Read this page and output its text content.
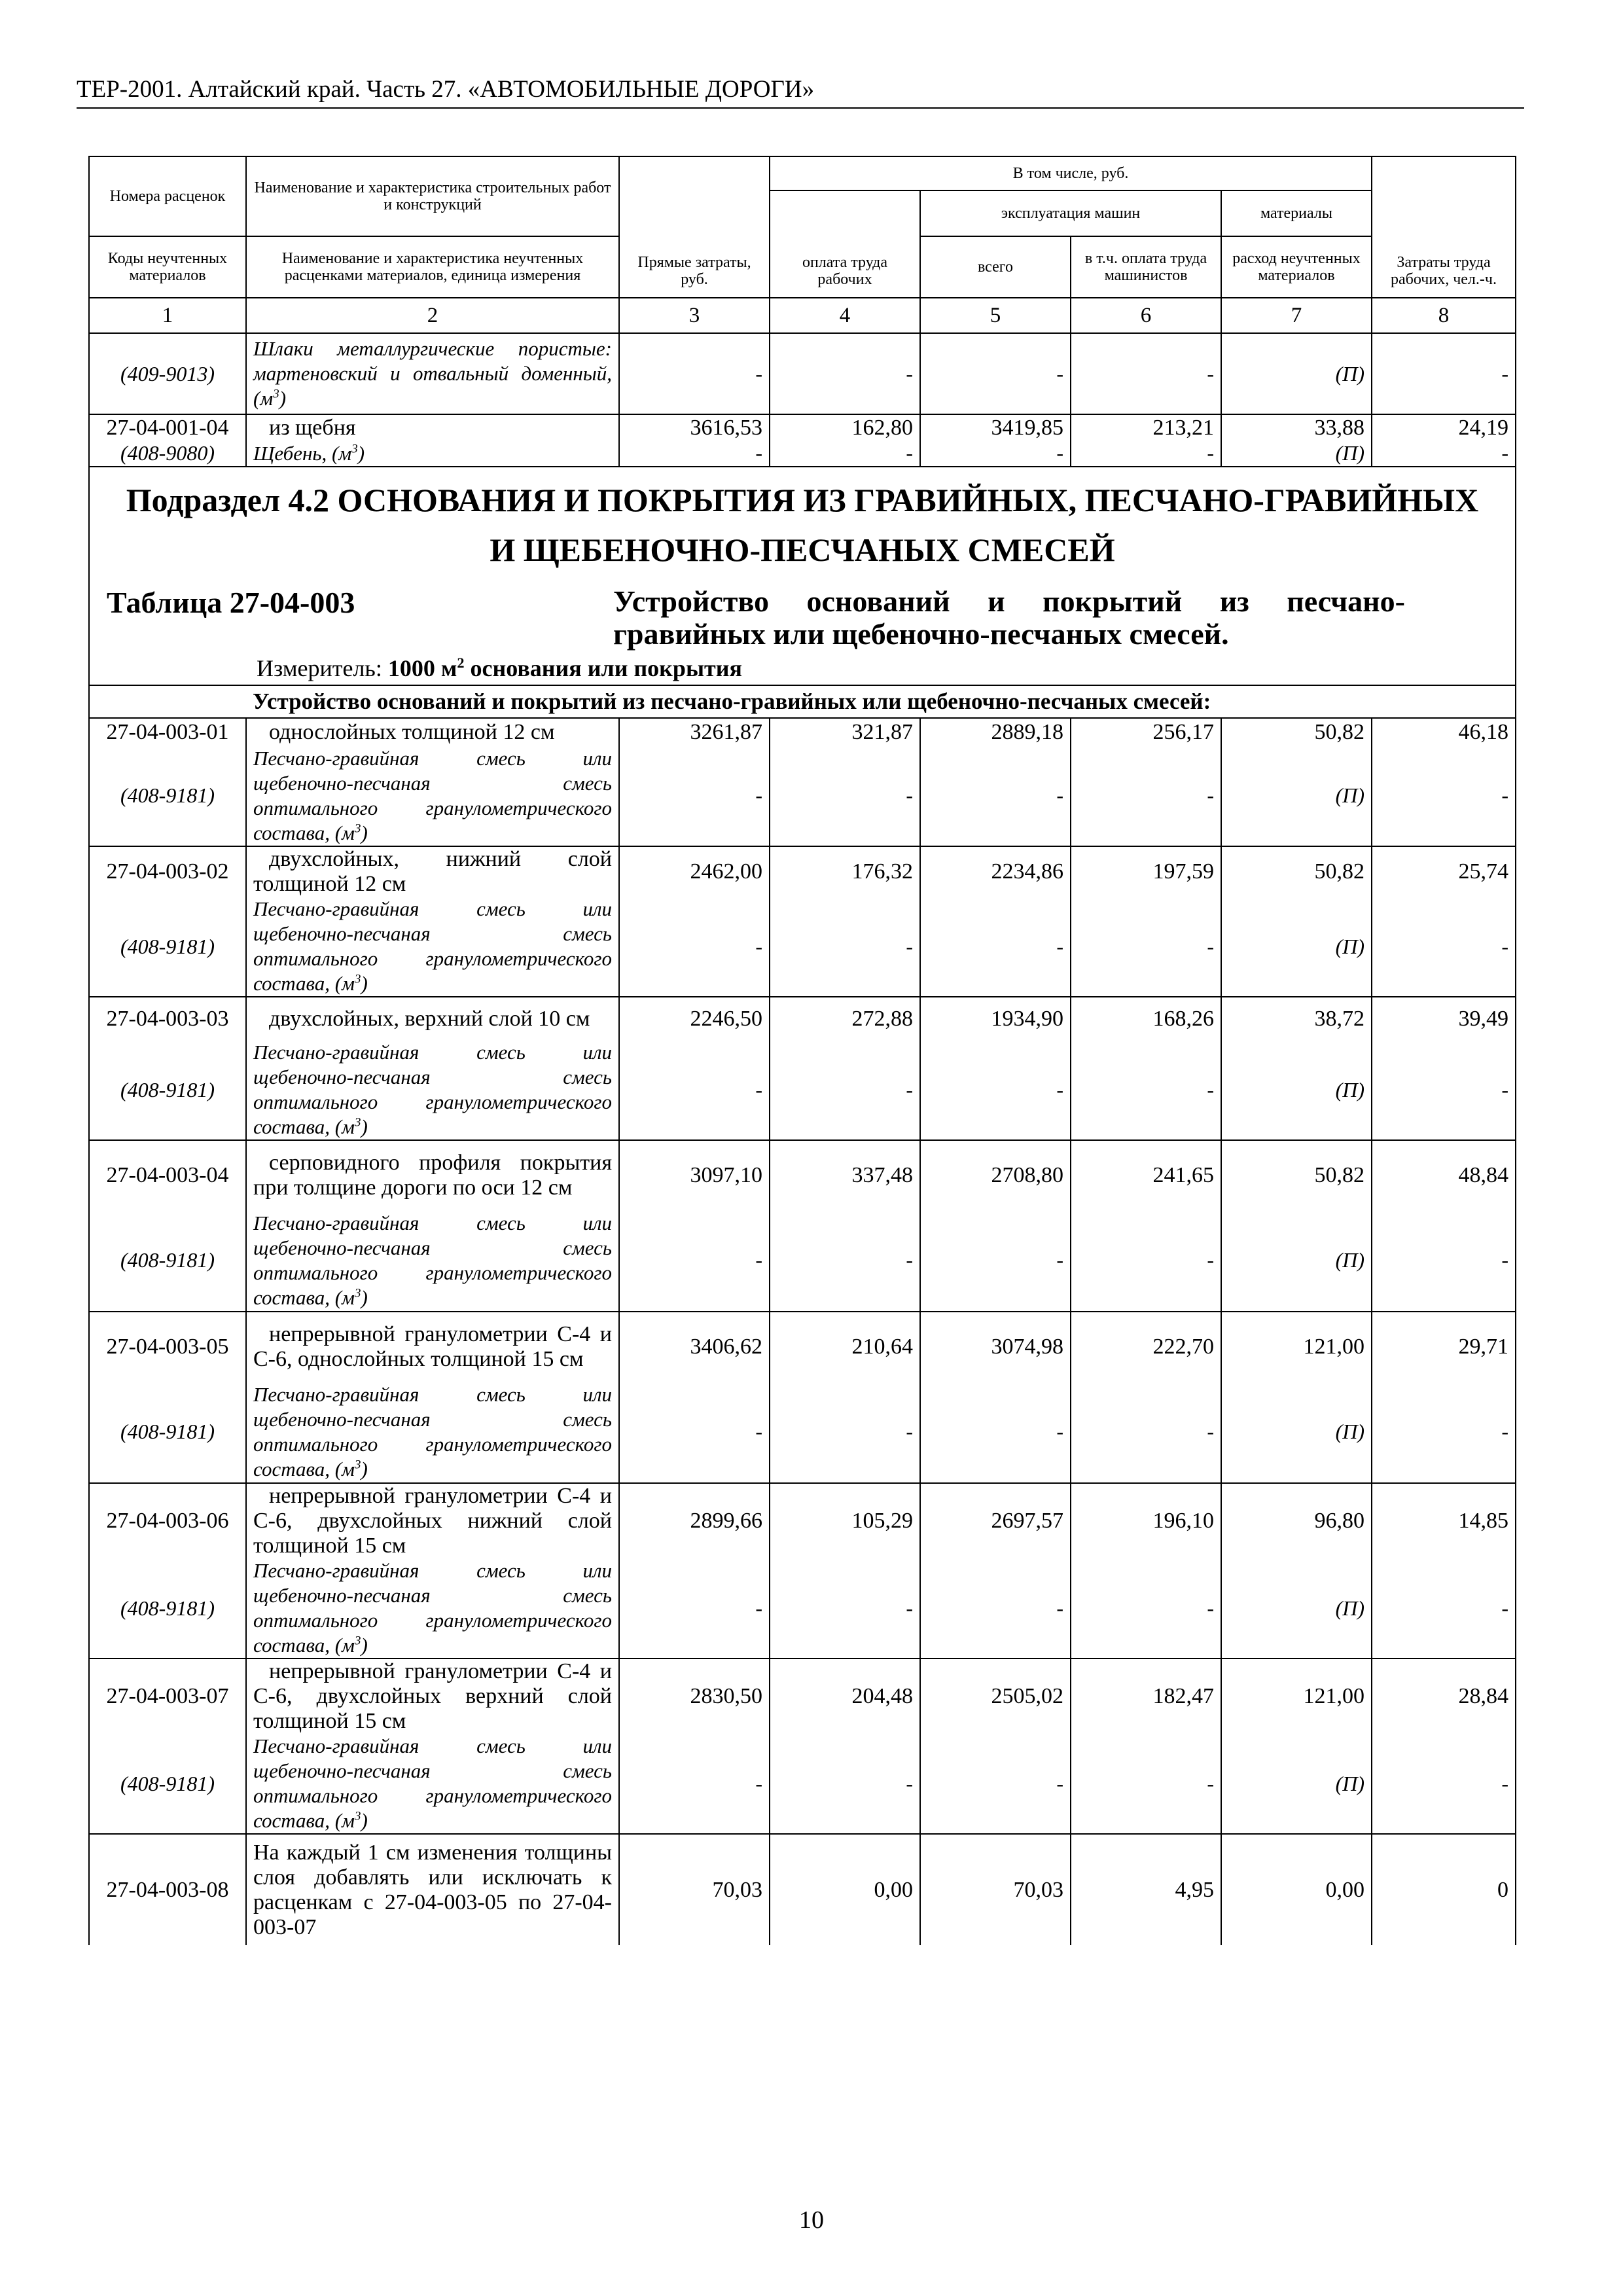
ТЕР-2001. Алтайский край. Часть 27. «АВТОМОБИЛЬНЫЕ ДОРОГИ»
Номера расценок	Наименование и характеристика строительных работ и конструкций	Прямые затраты, руб.	В том числе, руб.				Затраты труда рабочих, чел.-ч.
			оплата труда рабочих	эксплуатация машин		материалы	
Коды неучтенных материалов	Наименование и характеристика неучтенных расценками материалов, единица измерения			всего	в т.ч. оплата труда машинистов	расход неучтенных материалов	
1	2	3	4	5	6	7	8
(409-9013)	Шлаки металлургические пористые: мартеновский и отвальный доменный, $(м^3)$	-	-	-	-	(П)	-
27-04-001-04	из щебня	3616,53	162,80	3419,85	213,21	33,88	24,19
(408-9080)	Щебень, $(м^3)$	-	-	-	-	(П)	-

Подраздел 4.2 ОСНОВАНИЯ И ПОКРЫТИЯ ИЗ ГРАВИЙНЫХ, ПЕСЧАНО-ГРАВИЙНЫХ
И ЩЕБЕНОЧНО-ПЕСЧАНЫХ СМЕСЕЙ							

Таблица 27-04-003 Устройство оснований и покрытий из песчано-гравийных или щебеночно-песчаных смесей.
Измеритель: 1000 $м^2$ основания или покрытия							

	Устройство оснований и покрытий из песчано-гравийных или щебеночно-песчаных смесей:						
27-04-003-01	однослойных толщиной 12 см	3261,87	321,87	2889,18	256,17	50,82	46,18
(408-9181)	Песчано-гравийная смесь или щебеночно-песчаная смесь оптимального гранулометрического состава, $(м^3)$	-	-	-	-	(П)	-
27-04-003-02	двухслойных, нижний слой толщиной 12 см	2462,00	176,32	2234,86	197,59	50,82	25,74
(408-9181)	Песчано-гравийная смесь или щебеночно-песчаная смесь оптимального гранулометрического состава, $(м^3)$	-	-	-	-	(П)	-
27-04-003-03	двухслойных, верхний слой 10 см	2246,50	272,88	1934,90	168,26	38,72	39,49
(408-9181)	Песчано-гравийная смесь или щебеночно-песчаная смесь оптимального гранулометрического состава, $(м^3)$	-	-	-	-	(П)	-
27-04-003-04	серповидного профиля покрытия при толщине дороги по оси 12 см	3097,10	337,48	2708,80	241,65	50,82	48,84
(408-9181)	Песчано-гравийная смесь или щебеночно-песчаная смесь оптимального гранулометрического состава, $(м^3)$	-	-	-	-	(П)	-
27-04-003-05	непрерывной гранулометрии С-4 и С-6, однослойных толщиной 15 см	3406,62	210,64	3074,98	222,70	121,00	29,71
(408-9181)	Песчано-гравийная смесь или щебеночно-песчаная смесь оптимального гранулометрического состава, $(м^3)$	-	-	-	-	(П)	-
27-04-003-06	непрерывной гранулометрии С-4 и С-6, двухслойных нижний слой толщиной 15 см	2899,66	105,29	2697,57	196,10	96,80	14,85
(408-9181)	Песчано-гравийная смесь или щебеночно-песчаная смесь оптимального гранулометрического состава, $(м^3)$	-	-	-	-	(П)	-
27-04-003-07	непрерывной гранулометрии С-4 и С-6, двухслойных верхний слой толщиной 15 см	2830,50	204,48	2505,02	182,47	121,00	28,84
(408-9181)	Песчано-гравийная смесь или щебеночно-песчаная смесь оптимального гранулометрического состава, $(м^3)$	-	-	-	-	(П)	-
27-04-003-08	На каждый 1 см изменения толщины слоя добавлять или исключать к расценкам с 27-04-003-05 по 27-04-003-07	70,03	0,00	70,03	4,95	0,00	0
10
